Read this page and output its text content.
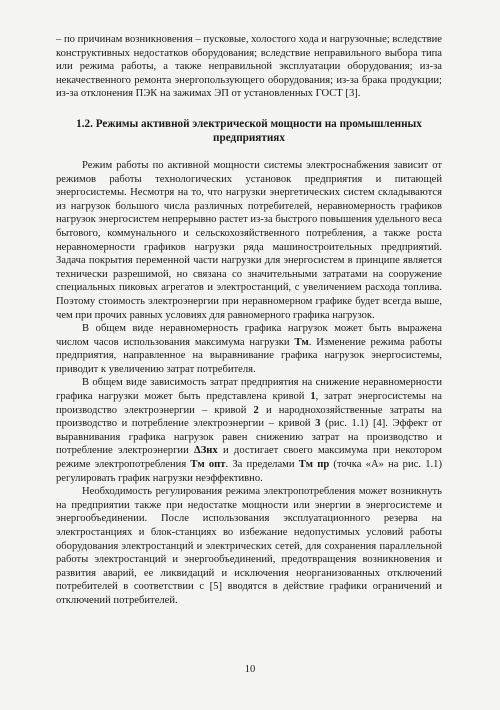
– по причинам возникновения – пусковые, холостого хода и нагрузочные; вследствие конструктивных недостатков оборудования; вследствие неправильного выбора типа или режима работы, а также неправильной эксплуатации оборудования; из-за некачественного ремонта энергопользующего оборудования; из-за брака продукции; из-за отклонения ПЭК на зажимах ЭП от установленных ГОСТ [3].

1.2. Режимы активной электрической мощности на промышленных предприятиях

Режим работы по активной мощности системы электроснабжения зависит от режимов работы технологических установок предприятия и питающей энергосистемы. Несмотря на то, что нагрузки энергетических систем складываются из нагрузок большого числа различных потребителей, неравномерность графиков нагрузок энергосистем непрерывно растет из-за быстрого повышения удельного веса бытового, коммунального и сельскохозяйственного потребления, а также роста неравномерности графиков нагрузки ряда машиностроительных предприятий. Задача покрытия переменной части нагрузки для энергосистем в принципе является технически разрешимой, но связана со значительными затратами на сооружение специальных пиковых агрегатов и электростанций, с увеличением расхода топлива. Поэтому стоимость электроэнергии при неравномерном графике будет всегда выше, чем при прочих равных условиях для равномерного графика нагрузок.

В общем виде неравномерность графика нагрузок может быть выражена числом часов использования максимума нагрузки Tм. Изменение режима работы предприятия, направленное на выравнивание графика нагрузок энергосистемы, приводит к увеличению затрат потребителя.

В общем виде зависимость затрат предприятия на снижение неравномерности графика нагрузки может быть представлена кривой 1, затрат энергосистемы на производство электроэнергии – кривой 2 и народнохозяйственные затраты на производство и потребление электроэнергии – кривой 3 (рис. 1.1) [4]. Эффект от выравнивания графика нагрузок равен снижению затрат на производство и потребление электроэнергии ΔЗнх и достигает своего максимума при некотором режиме электропотребления Tм опт. За пределами Tм пр (точка «А» на рис. 1.1) регулировать график нагрузки неэффективно.

Необходимость регулирования режима электропотребления может возникнуть на предприятии также при недостатке мощности или энергии в энергосистеме и энергообъединении. После использования эксплуатационного резерва на электростанциях и блок-станциях во избежание недопустимых условий работы оборудования электростанций и электрических сетей, для сохранения параллельной работы электростанций и энергообъединений, предотвращения возникновения и развития аварий, ее ликвидаций и исключения неорганизованных отключений потребителей в соответствии с [5] вводятся в действие графики ограничений и отключений потребителей.

10
